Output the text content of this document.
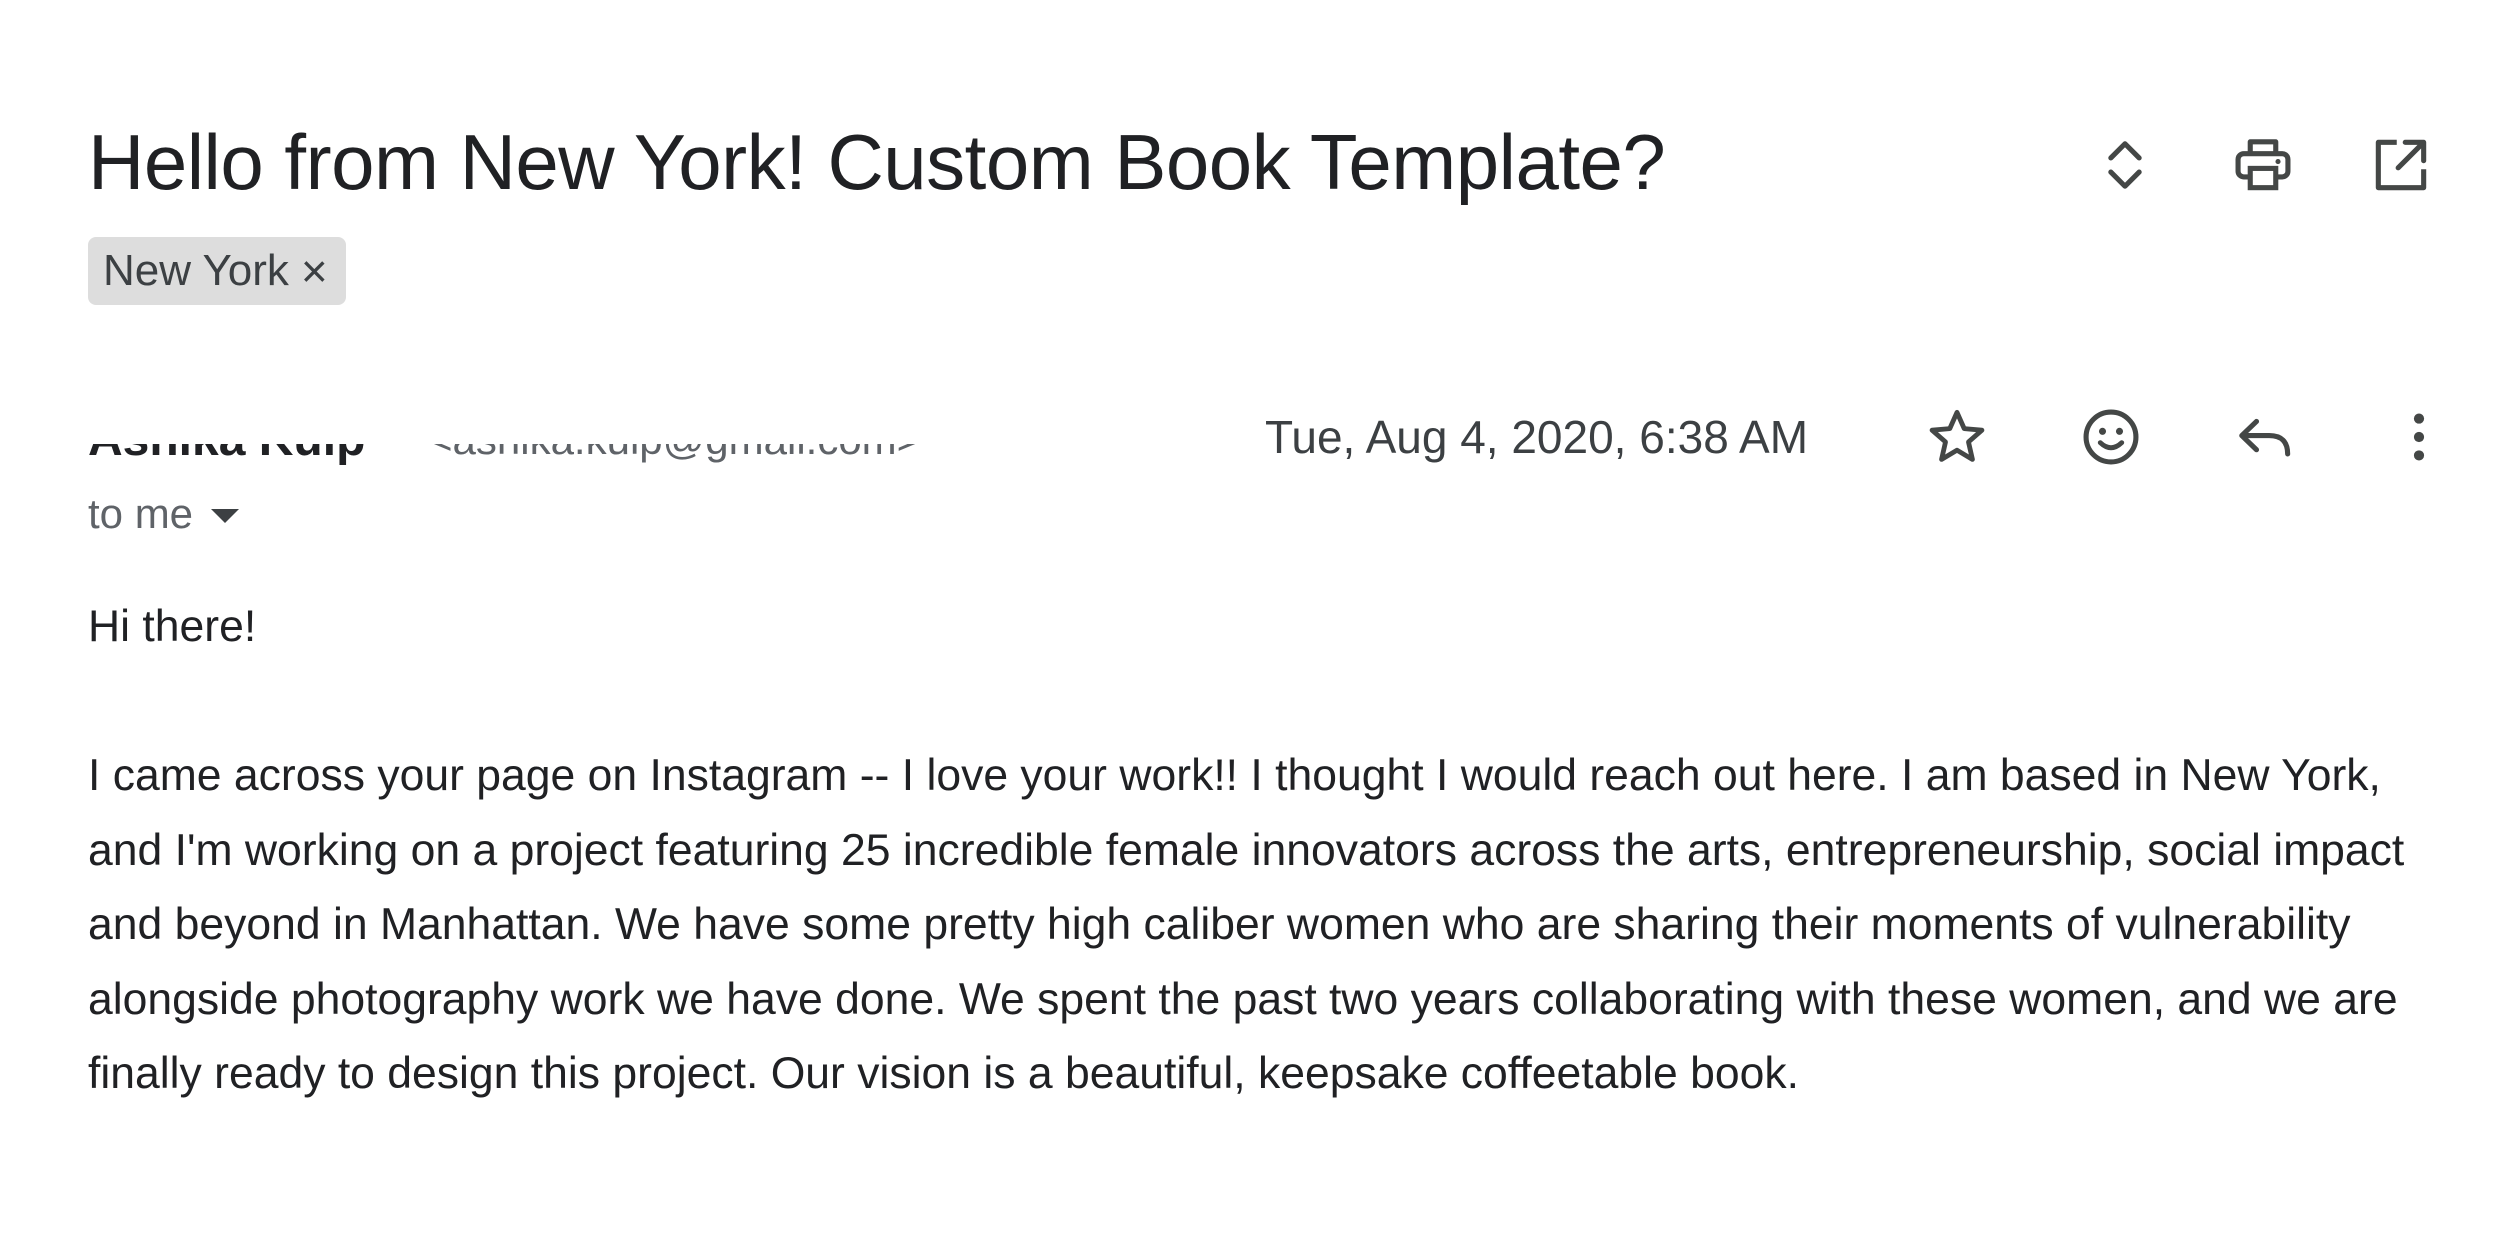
Hello from New York! Custom Book Template?
New York ×
Tue, Aug 4, 2020, 6:38 AM
to me

Hi there!

I came across your page on Instagram -- I love your work!! I thought I would reach out here. I am based in New York, and I'm working on a project featuring 25 incredible female innovators across the arts, entrepreneurship, social impact and beyond in Manhattan. We have some pretty high caliber women who are sharing their moments of vulnerability alongside photography work we have done. We spent the past two years collaborating with these women, and we are finally ready to design this project. Our vision is a beautiful, keepsake coffeetable book.
